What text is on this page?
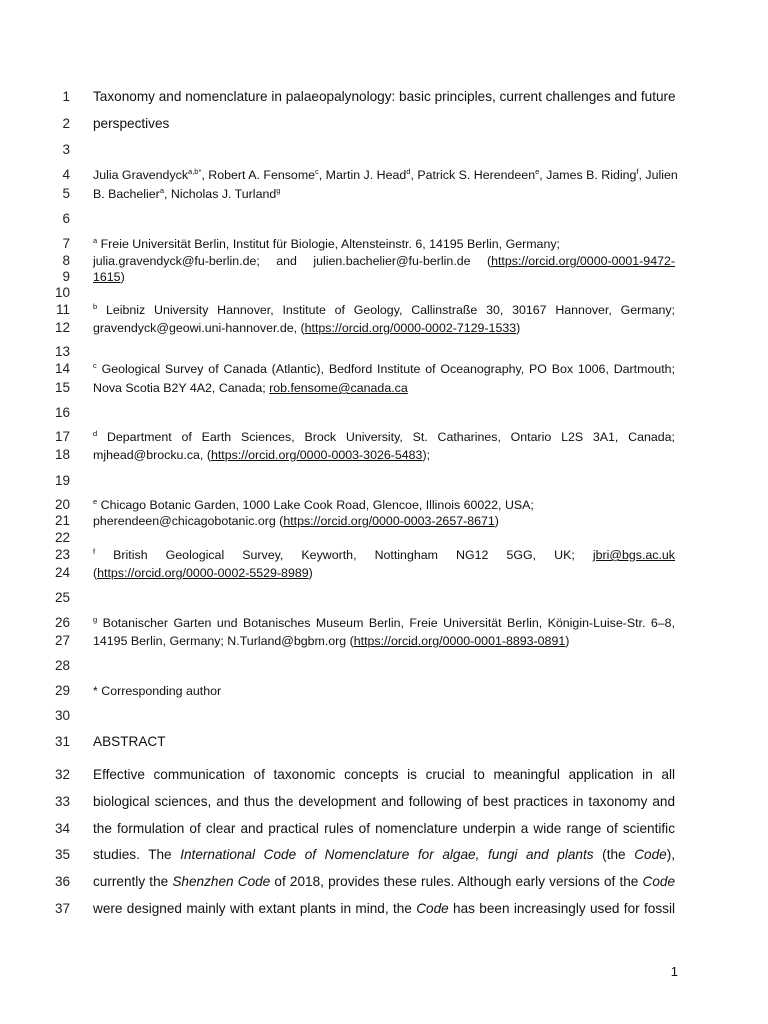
1
2
3
4
5
6
7
8
9
10
11
12
13
14
15
16
17
18
19
20
21
22
23
24
25
26
27
28
29
30
31
32
33
34
35
36
37
Taxonomy and nomenclature in palaeopalynology: basic principles, current challenges and future
perspectives
Julia Gravendyck$^{a,b*}$, Robert A. Fensome$^c$, Martin J. Head$^d$, Patrick S. Herendeen$^e$, James B. Riding$^f$, Julien
B. Bachelier$^a$, Nicholas J. Turland$^g$
$^a$ Freie Universität Berlin, Institut für Biologie, Altensteinstr. 6, 14195 Berlin, Germany;
julia.gravendyck@fu-berlin.de; and julien.bachelier@fu-berlin.de (https://orcid.org/0000-0001-9472-
1615)
$^b$ Leibniz University Hannover, Institute of Geology, Callinstraße 30, 30167 Hannover, Germany;
gravendyck@geowi.uni-hannover.de, (https://orcid.org/0000-0002-7129-1533)
$^c$ Geological Survey of Canada (Atlantic), Bedford Institute of Oceanography, PO Box 1006, Dartmouth;
Nova Scotia B2Y 4A2, Canada; rob.fensome@canada.ca
$^d$ Department of Earth Sciences, Brock University, St. Catharines, Ontario L2S 3A1, Canada;
mjhead@brocku.ca, (https://orcid.org/0000-0003-3026-5483);
$^e$ Chicago Botanic Garden, 1000 Lake Cook Road, Glencoe, Illinois 60022, USA;
pherendeen@chicagobotanic.org (https://orcid.org/0000-0003-2657-8671)
$^f$ British Geological Survey, Keyworth, Nottingham NG12 5GG, UK; jbri@bgs.ac.uk
(https://orcid.org/0000-0002-5529-8989)
$^g$ Botanischer Garten und Botanisches Museum Berlin, Freie Universität Berlin, Königin-Luise-Str. 6–8,
14195 Berlin, Germany; N.Turland@bgbm.org (https://orcid.org/0000-0001-8893-0891)
* Corresponding author
ABSTRACT
Effective communication of taxonomic concepts is crucial to meaningful application in all
biological sciences, and thus the development and following of best practices in taxonomy and
the formulation of clear and practical rules of nomenclature underpin a wide range of scientific
studies. The International Code of Nomenclature for algae, fungi and plants (the Code),
currently the Shenzhen Code of 2018, provides these rules. Although early versions of the Code
were designed mainly with extant plants in mind, the Code has been increasingly used for fossil
1
